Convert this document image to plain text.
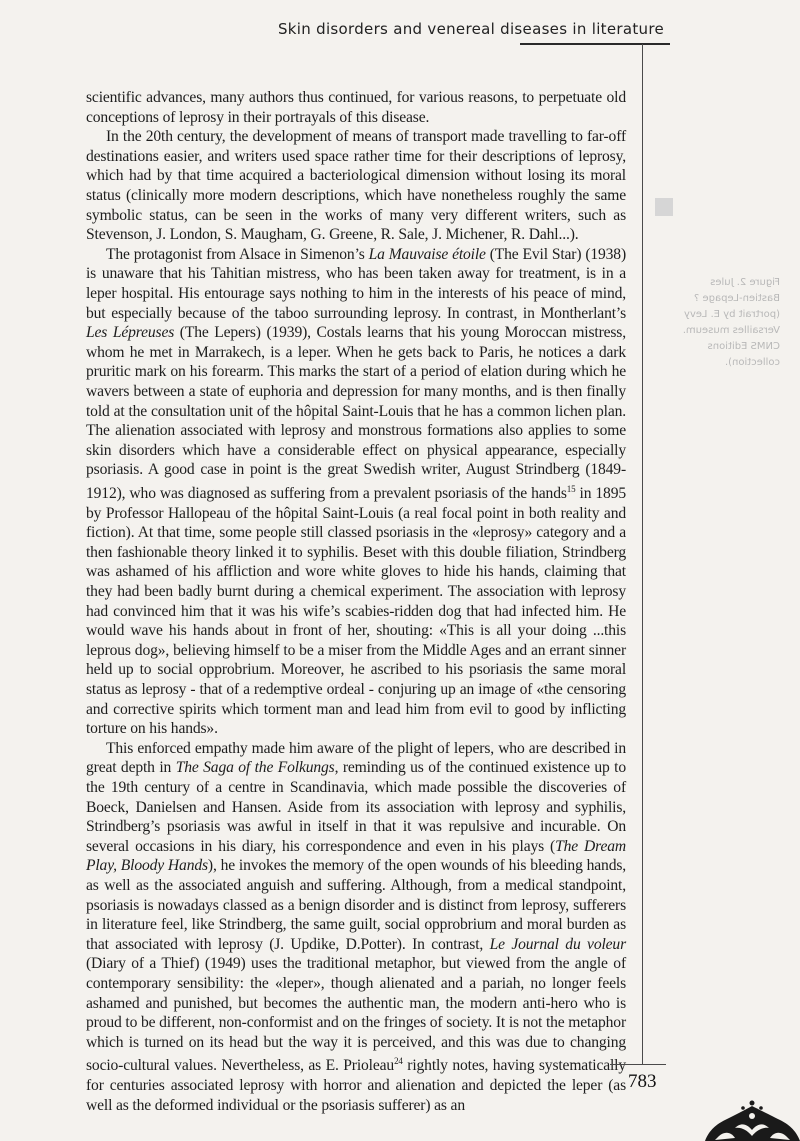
Skin disorders and venereal diseases in literature
Figure 2. Jules
Bastien-Lepage ?
(portrait by E. Levy
Versailles museum.
CNMS Editions
collection).

scientific advances, many authors thus continued, for various reasons, to perpetuate old conceptions of leprosy in their portrayals of this disease.

In the 20th century, the development of means of transport made travelling to far-off destinations easier, and writers used space rather time for their descriptions of leprosy, which had by that time acquired a bacteriological dimension without losing its moral status (clinically more modern descriptions, which have nonetheless roughly the same symbolic status, can be seen in the works of many very different writers, such as Stevenson, J. London, S. Maugham, G. Greene, R. Sale, J. Michener, R. Dahl...).

The protagonist from Alsace in Simenon’s La Mauvaise étoile (The Evil Star) (1938) is unaware that his Tahitian mistress, who has been taken away for treatment, is in a leper hospital. His entourage says nothing to him in the interests of his peace of mind, but especially because of the taboo surrounding leprosy. In contrast, in Montherlant’s Les Lépreuses (The Lepers) (1939), Costals learns that his young Moroccan mistress, whom he met in Marrakech, is a leper. When he gets back to Paris, he notices a dark pruritic mark on his forearm. This marks the start of a period of elation during which he wavers between a state of euphoria and depression for many months, and is then finally told at the consultation unit of the hôpital Saint-Louis that he has a common lichen plan. The alienation associated with leprosy and monstrous formations also applies to some skin disorders which have a considerable effect on physical appearance, especially psoriasis. A good case in point is the great Swedish writer, August Strindberg (1849-1912), who was diagnosed as suffering from a prevalent psoriasis of the hands$^{15}$ in 1895 by Professor Hallopeau of the hôpital Saint-Louis (a real focal point in both reality and fiction). At that time, some people still classed psoriasis in the «leprosy» category and a then fashionable theory linked it to syphilis. Beset with this double filiation, Strindberg was ashamed of his affliction and wore white gloves to hide his hands, claiming that they had been badly burnt during a chemical experiment. The association with leprosy had convinced him that it was his wife’s scabies-ridden dog that had infected him. He would wave his hands about in front of her, shouting: «This is all your doing ...this leprous dog», believing himself to be a miser from the Middle Ages and an errant sinner held up to social opprobrium. Moreover, he ascribed to his psoriasis the same moral status as leprosy - that of a redemptive ordeal - conjuring up an image of «the censoring and corrective spirits which torment man and lead him from evil to good by inflicting torture on his hands».

This enforced empathy made him aware of the plight of lepers, who are described in great depth in The Saga of the Folkungs, reminding us of the continued existence up to the 19th century of a centre in Scandinavia, which made possible the discoveries of Boeck, Danielsen and Hansen. Aside from its association with leprosy and syphilis, Strindberg’s psoriasis was awful in itself in that it was repulsive and incurable. On several occasions in his diary, his correspondence and even in his plays (The Dream Play, Bloody Hands), he invokes the memory of the open wounds of his bleeding hands, as well as the associated anguish and suffering. Although, from a medical standpoint, psoriasis is nowadays classed as a benign disorder and is distinct from leprosy, sufferers in literature feel, like Strindberg, the same guilt, social opprobrium and moral burden as that associated with leprosy (J. Updike, D.Potter). In contrast, Le Journal du voleur (Diary of a Thief) (1949) uses the traditional metaphor, but viewed from the angle of contemporary sensibility: the «leper», though alienated and a pariah, no longer feels ashamed and punished, but becomes the authentic man, the modern anti-hero who is proud to be different, non-conformist and on the fringes of society. It is not the metaphor which is turned on its head but the way it is perceived, and this was due to changing socio-cultural values. Nevertheless, as E. Prioleau$^{24}$ rightly notes, having systematically for centuries associated leprosy with horror and alienation and depicted the leper (as well as the deformed individual or the psoriasis sufferer) as an

783
